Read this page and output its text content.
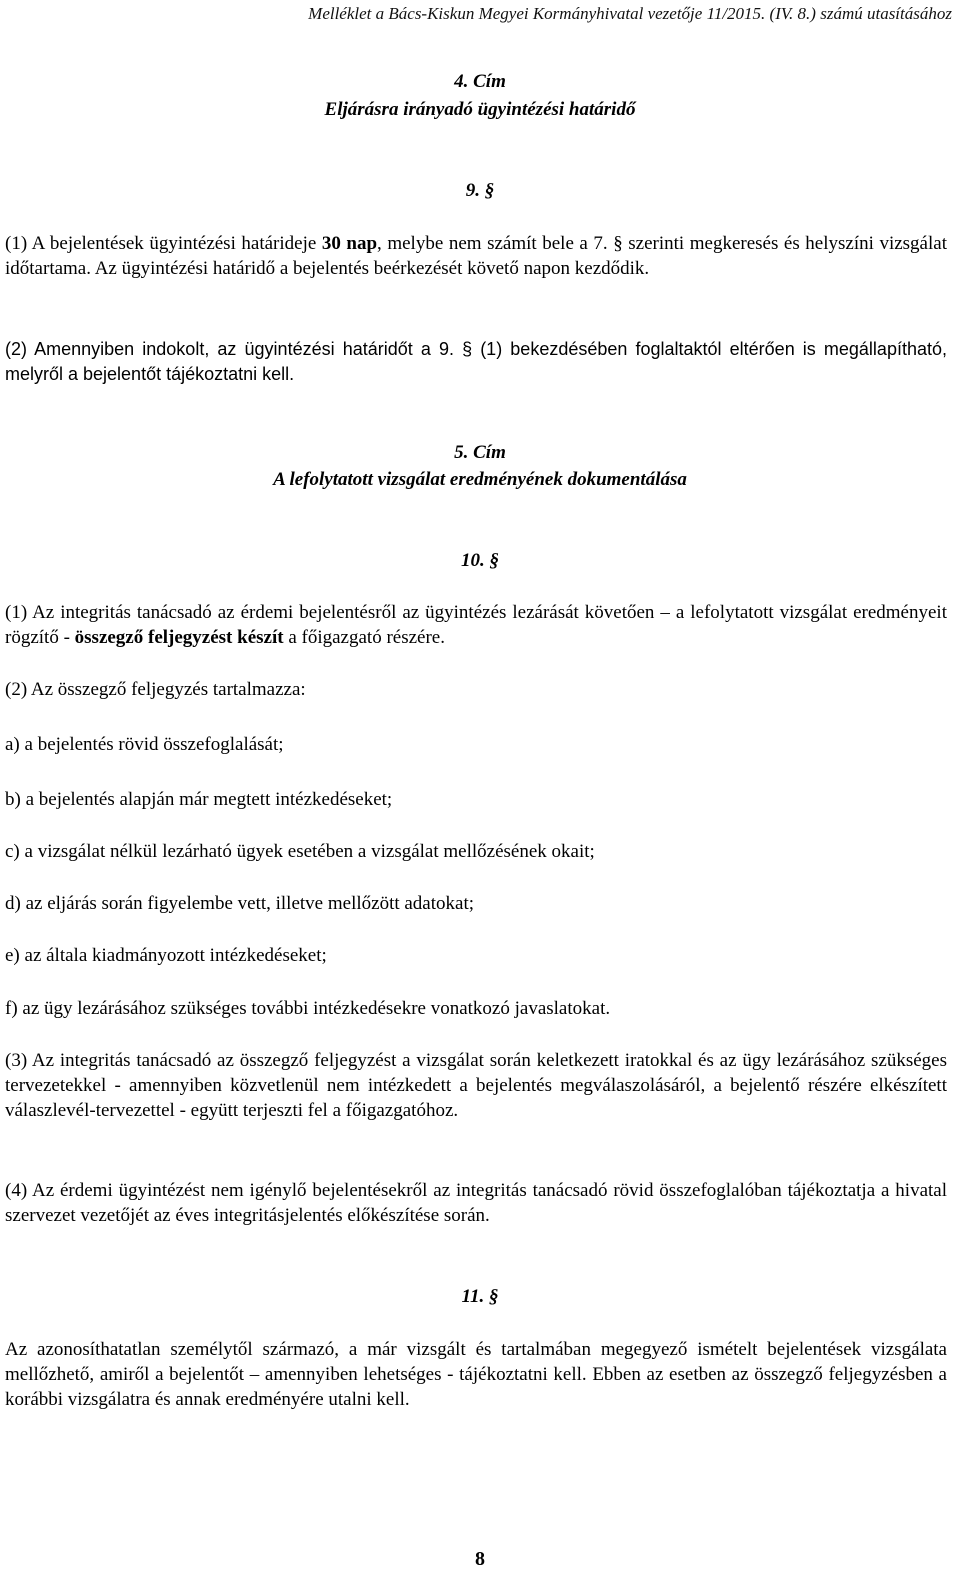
Melléklet a Bács-Kiskun Megyei Kormányhivatal vezetője 11/2015. (IV. 8.) számú utasításához
4. Cím
Eljárásra irányadó ügyintézési határidő
9. §
(1) A bejelentések ügyintézési határideje 30 nap, melybe nem számít bele a 7. § szerinti megkeresés és helyszíni vizsgálat időtartama. Az ügyintézési határidő a bejelentés beérkezését követő napon kezdődik.
(2) Amennyiben indokolt, az ügyintézési határidőt a 9. § (1) bekezdésében foglaltaktól eltérően is megállapítható, melyről a bejelentőt tájékoztatni kell.
5. Cím
A lefolytatott vizsgálat eredményének dokumentálása
10. §
(1) Az integritás tanácsadó az érdemi bejelentésről az ügyintézés lezárását követően – a lefolytatott vizsgálat eredményeit rögzítő - összegző feljegyzést készít a főigazgató részére.
(2) Az összegző feljegyzés tartalmazza:
a) a bejelentés rövid összefoglalását;
b) a bejelentés alapján már megtett intézkedéseket;
c) a vizsgálat nélkül lezárható ügyek esetében a vizsgálat mellőzésének okait;
d) az eljárás során figyelembe vett, illetve mellőzött adatokat;
e) az általa kiadmányozott intézkedéseket;
f) az ügy lezárásához szükséges további intézkedésekre vonatkozó javaslatokat.
(3) Az integritás tanácsadó az összegző feljegyzést a vizsgálat során keletkezett iratokkal és az ügy lezárásához szükséges tervezetekkel - amennyiben közvetlenül nem intézkedett a bejelentés megválaszolásáról, a bejelentő részére elkészített válaszlevél-tervezettel - együtt terjeszti fel a főigazgatóhoz.
(4) Az érdemi ügyintézést nem igénylő bejelentésekről az integritás tanácsadó rövid összefoglalóban tájékoztatja a hivatal szervezet vezetőjét az éves integritásjelentés előkészítése során.
11. §
Az azonosíthatatlan személytől származó, a már vizsgált és tartalmában megegyező ismételt bejelentések vizsgálata mellőzhető, amiről a bejelentőt – amennyiben lehetséges - tájékoztatni kell. Ebben az esetben az összegző feljegyzésben a korábbi vizsgálatra és annak eredményére utalni kell.
8
